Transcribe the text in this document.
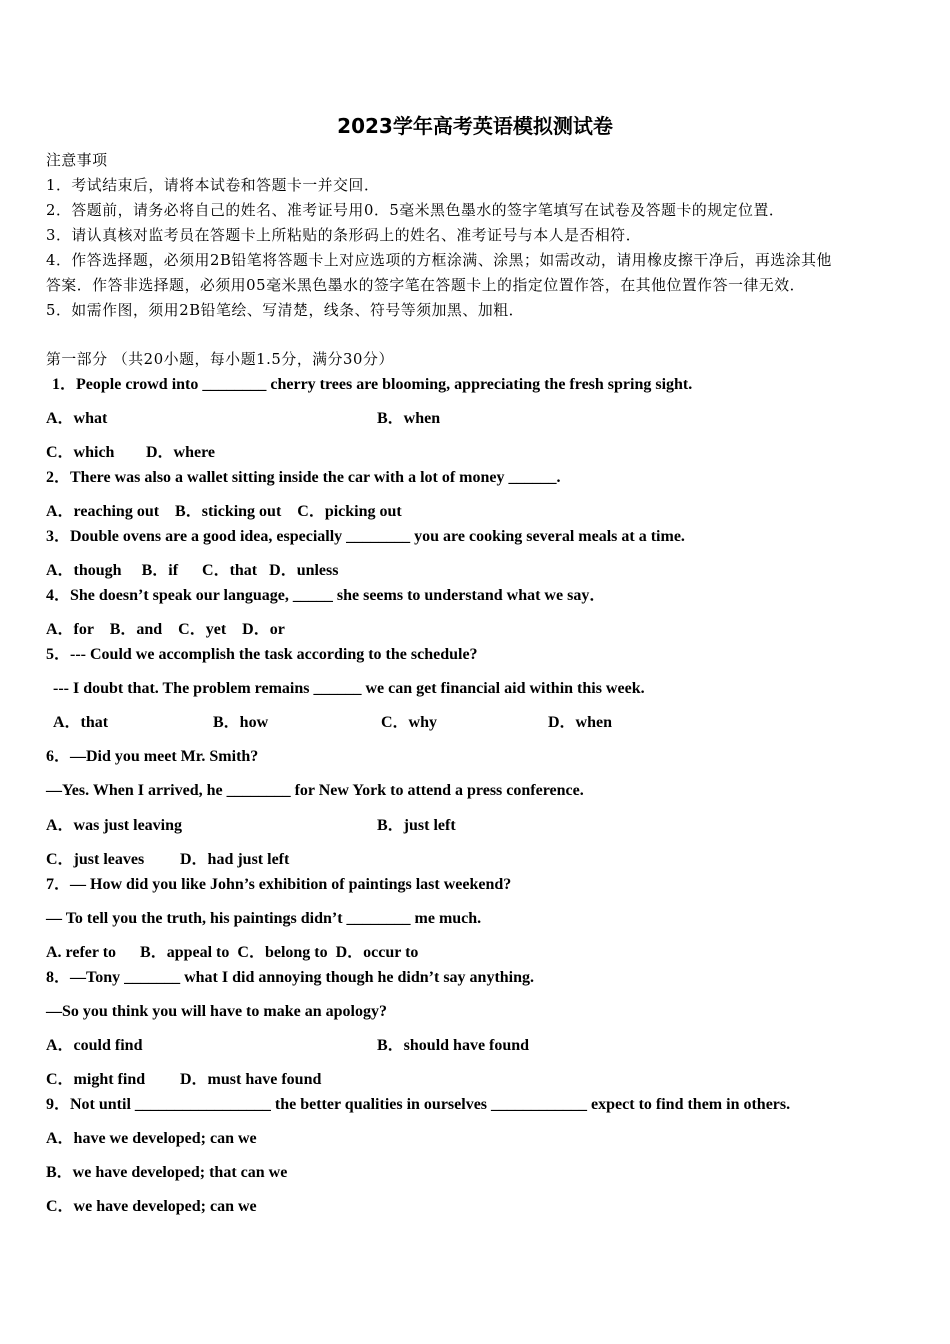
2023学年高考英语模拟测试卷
注意事项
1．考试结束后，请将本试卷和答题卡一并交回．
2．答题前，请务必将自己的姓名、准考证号用0．5毫米黑色墨水的签字笔填写在试卷及答题卡的规定位置．
3．请认真核对监考员在答题卡上所粘贴的条形码上的姓名、准考证号与本人是否相符．
4．作答选择题，必须用2B铅笔将答题卡上对应选项的方框涂满、涂黑；如需改动，请用橡皮擦干净后，再选涂其他
答案．作答非选择题，必须用05毫米黑色墨水的签字笔在答题卡上的指定位置作答，在其他位置作答一律无效．
5．如需作图，须用2B铅笔绘、写清楚，线条、符号等须加黑、加粗．
第一部分 （共20小题，每小题1.5分，满分30分）
1．People crowd into ________ cherry trees are blooming, appreciating the fresh spring sight.
A．what	B．when
C．which D．where
2．There was also a wallet sitting inside the car with a lot of money ______.
A．reaching out    B．sticking out    C．picking out
3．Double ovens are a good idea, especially ________ you are cooking several meals at a time.
A．though     B．if      C．that   D．unless
4．She doesn’t speak our language, _____ she seems to understand what we say．
A．for    B．and    C．yet    D．or
5．--- Could we accomplish the task according to the schedule?
--- I doubt that. The problem remains ______ we can get financial aid within this week.
A．that	B．how	C．why	D．when
6．—Did you meet Mr. Smith?
—Yes. When I arrived, he ________ for New York to attend a press conference.
A．was just leaving	B．just left
C．just leaves D．had just left
7．— How did you like John’s exhibition of paintings last weekend?
— To tell you the truth, his paintings didn’t ________ me much.
A. refer to      B．appeal to  C．belong to  D．occur to
8．—Tony _______ what I did annoying though he didn’t say anything.
—So you think you will have to make an apology?
A．could find	B．should have found
C．might find D．must have found
9．Not until _________________ the better qualities in ourselves ____________ expect to find them in others.
A．have we developed; can we
B．we have developed; that can we
C．we have developed; can we
